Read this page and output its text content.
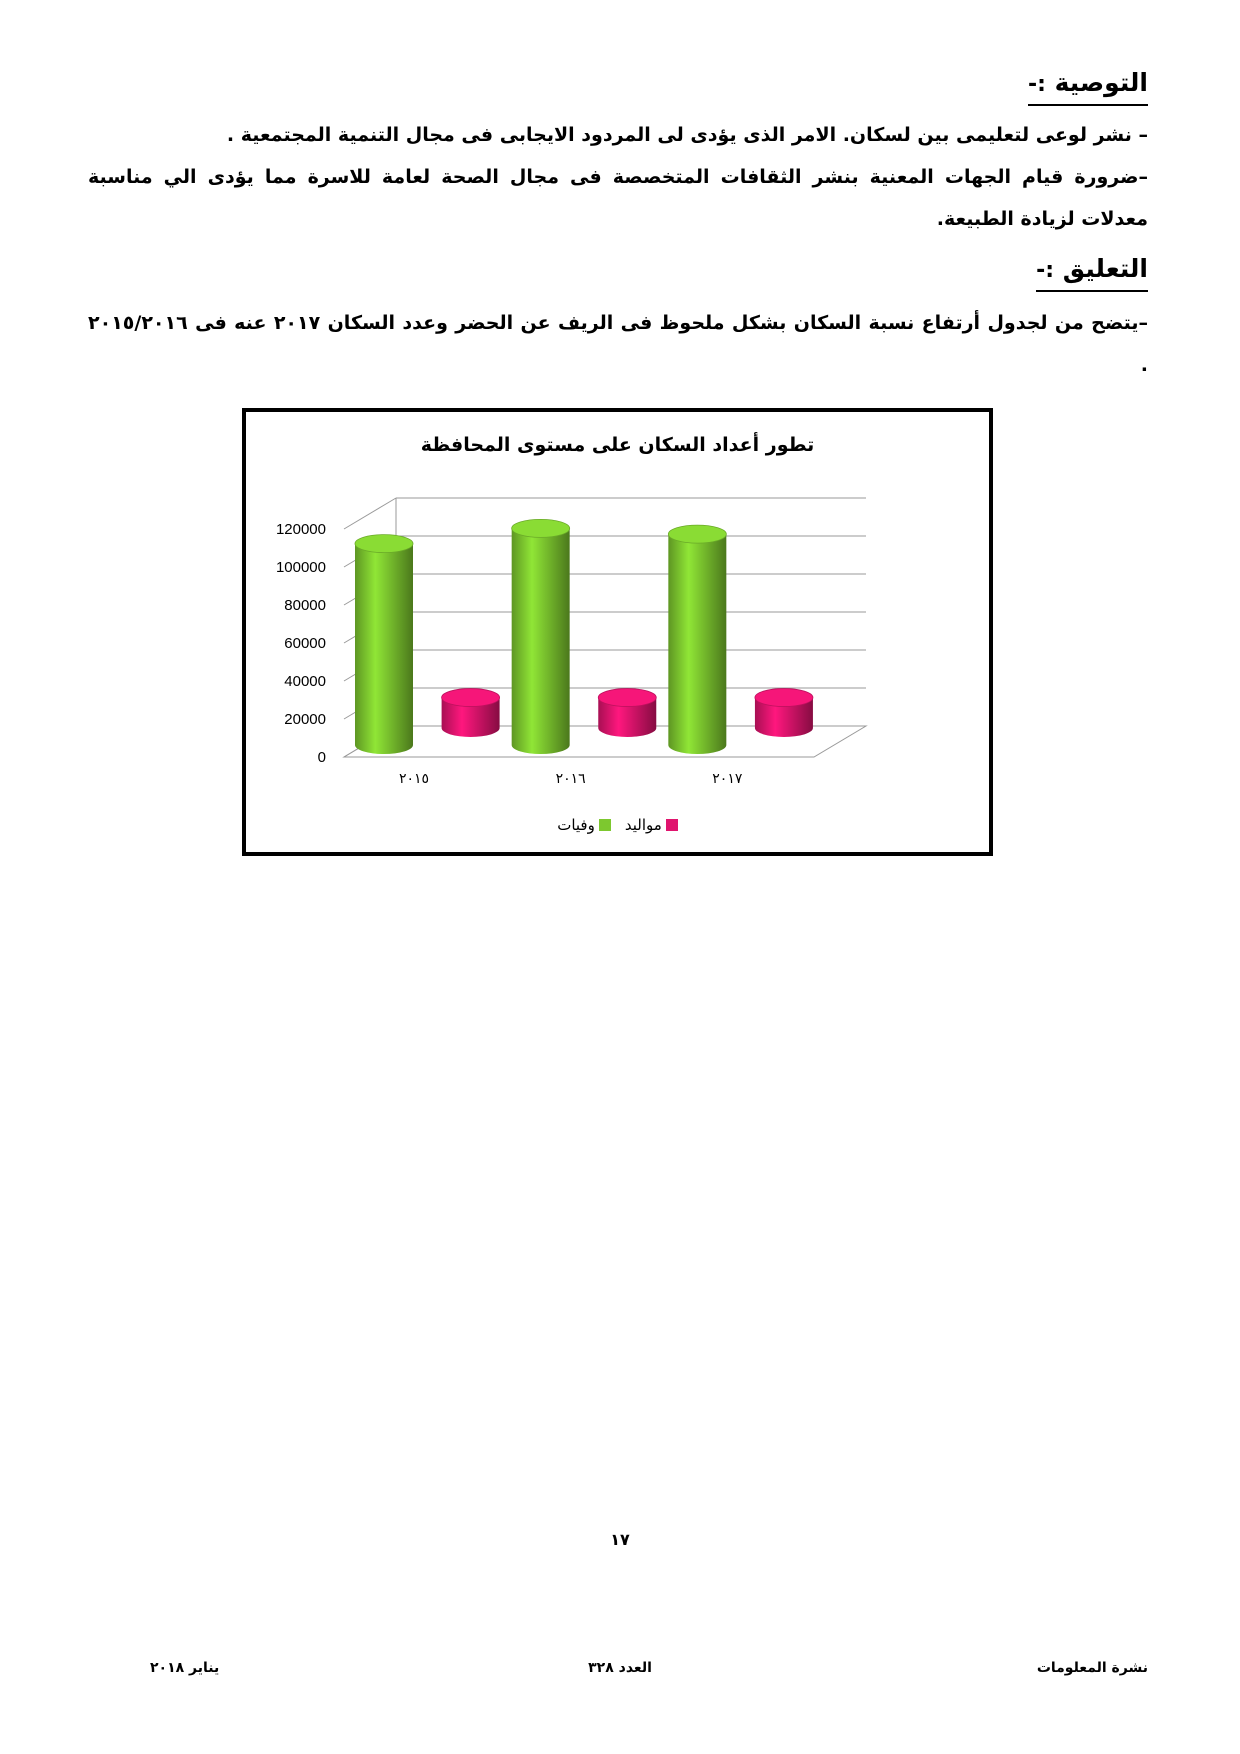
التوصية :-
– نشر لوعى لتعليمى بين لسكان. الامر الذى يؤدى لى المردود الايجابى فى مجال التنمية المجتمعية .
–ضرورة قيام الجهات المعنية بنشر الثقافات المتخصصة فى مجال الصحة لعامة للاسرة مما يؤدى الي مناسبة معدلات لزيادة الطبيعة.
التعليق :-
–يتضح من لجدول أرتفاع نسبة السكان بشكل ملحوظ فى الريف عن الحضر وعدد السكان ٢٠١٧ عنه فى ٢٠١٥/٢٠١٦ .
تطور أعداد السكان على مستوى المحافظة
0
20000
40000
60000
80000
100000
120000
٢٠١٥	٢٠١٦	٢٠١٧
مواليد
وفيات
١٧
نشرة المعلومات
العدد ٣٢٨
يناير ٢٠١٨
